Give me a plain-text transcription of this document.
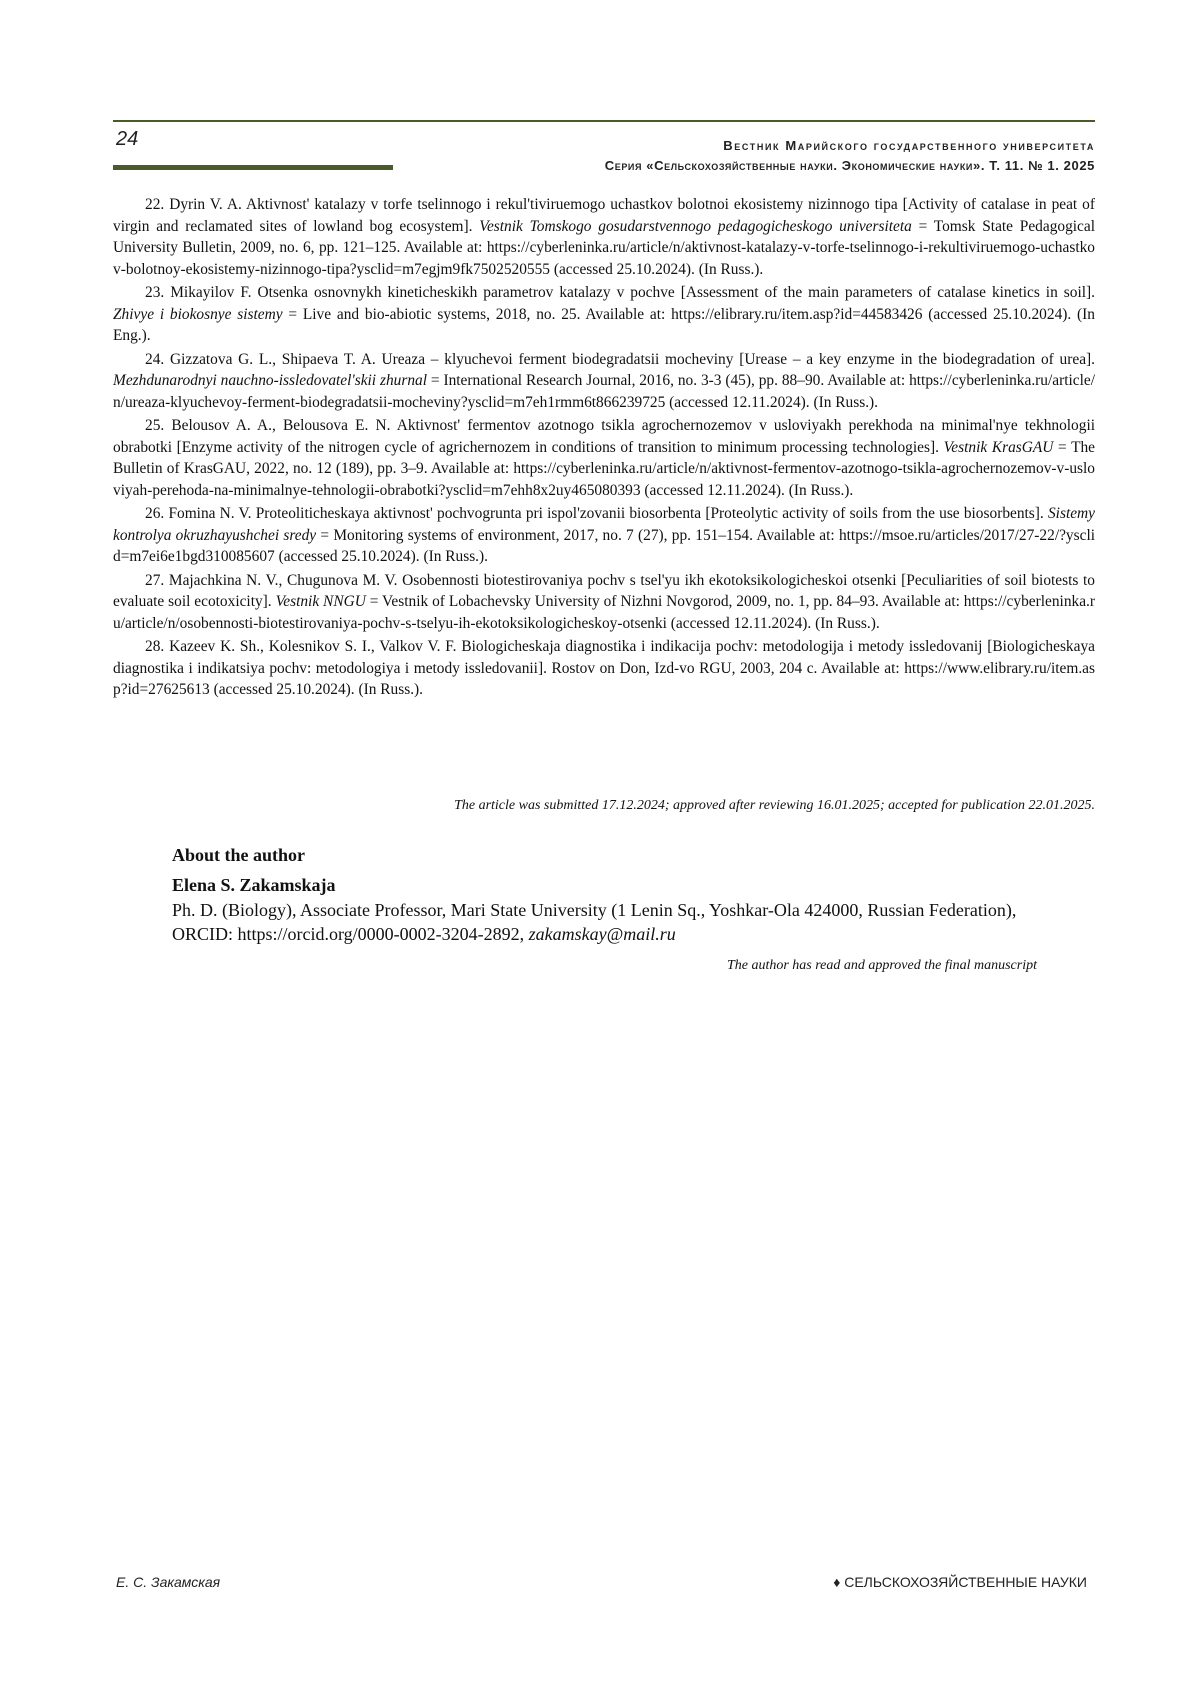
24	Вестник Марийского государственного университета
Серия «Сельскохозяйственные науки. Экономические науки». Т. 11. № 1. 2025

22. Dyrin V. A. Aktivnost' katalazy v torfe tselinnogo i rekul'tiviruemogo uchastkov bolotnoi ekosistemy nizinnogo tipa [Activity of catalase in peat of virgin and reclamated sites of lowland bog ecosystem]. Vestnik Tomskogo gosudarstvennogo pedagogicheskogo universiteta = Tomsk State Pedagogical University Bulletin, 2009, no. 6, pp. 121–125. Available at: https://cyberleninka.ru/article/n/aktivnost-katalazy-v-torfe-tselinnogo-i-rekultiviruemogo-uchastkov-bolotnoy-ekosistemy-nizinnogo-tipa?ysclid=m7egjm9fk7502520555 (accessed 25.10.2024). (In Russ.).

23. Mikayilov F. Otsenka osnovnykh kineticheskikh parametrov katalazy v pochve [Assessment of the main parameters of catalase kinetics in soil]. Zhivye i biokosnye sistemy = Live and bio-abiotic systems, 2018, no. 25. Available at: https://elibrary.ru/item.asp?id=44583426 (accessed 25.10.2024). (In Eng.).

24. Gizzatova G. L., Shipaeva T. A. Ureaza – klyuchevoi ferment biodegradatsii mocheviny [Urease – a key enzyme in the biodegradation of urea]. Mezhdunarodnyi nauchno-issledovatel'skii zhurnal = International Research Journal, 2016, no. 3-3 (45), pp. 88–90. Available at: https://cyberleninka.ru/article/n/ureaza-klyuchevoy-ferment-biodegradatsii-mocheviny?ysclid=m7eh1rmm6t866239725 (accessed 12.11.2024). (In Russ.).

25. Belousov A. A., Belousova E. N. Aktivnost' fermentov azotnogo tsikla agrochernozemov v usloviyakh perekhoda na minimal'nye tekhnologii obrabotki [Enzyme activity of the nitrogen cycle of agrichernozem in conditions of transition to minimum processing technologies]. Vestnik KrasGAU = The Bulletin of KrasGAU, 2022, no. 12 (189), pp. 3–9. Available at: https://cyberleninka.ru/article/n/aktivnost-fermentov-azotnogo-tsikla-agrochernozemov-v-usloviyah-perehoda-na-minimalnye-tehnologii-obrabotki?ysclid=m7ehh8x2uy465080393 (accessed 12.11.2024). (In Russ.).

26. Fomina N. V. Proteoliticheskaya aktivnost' pochvogrunta pri ispol'zovanii biosorbenta [Proteolytic activity of soils from the use biosorbents]. Sistemy kontrolya okruzhayushchei sredy = Monitoring systems of environment, 2017, no. 7 (27), pp. 151–154. Available at: https://msoe.ru/articles/2017/27-22/?ysclid=m7ei6e1bgd310085607 (accessed 25.10.2024). (In Russ.).

27. Majachkina N. V., Chugunova M. V. Osobennosti biotestirovaniya pochv s tsel'yu ikh ekotoksikologicheskoi otsenki [Peculiarities of soil biotests to evaluate soil ecotoxicity]. Vestnik NNGU = Vestnik of Lobachevsky University of Nizhni Novgorod, 2009, no. 1, pp. 84–93. Available at: https://cyberleninka.ru/article/n/osobennosti-biotestirovaniya-pochv-s-tselyu-ih-ekotoksikologicheskoy-otsenki (accessed 12.11.2024). (In Russ.).

28. Kazeev K. Sh., Kolesnikov S. I., Valkov V. F. Biologicheskaja diagnostika i indikacija pochv: metodologija i metody issledovanij [Biologicheskaya diagnostika i indikatsiya pochv: metodologiya i metody issledovanii]. Rostov on Don, Izd-vo RGU, 2003, 204 c. Available at: https://www.elibrary.ru/item.asp?id=27625613 (accessed 25.10.2024). (In Russ.).

The article was submitted 17.12.2024; approved after reviewing 16.01.2025; accepted for publication 22.01.2025.

About the author

Elena S. Zakamskaja

Ph. D. (Biology), Associate Professor, Mari State University (1 Lenin Sq., Yoshkar-Ola 424000, Russian Federation), ORCID: https://orcid.org/0000-0002-3204-2892, zakamskay@mail.ru

The author has read and approved the final manuscript
Е. С. Закамская	♦ СЕЛЬСКОХОЗЯЙСТВЕННЫЕ НАУКИ
